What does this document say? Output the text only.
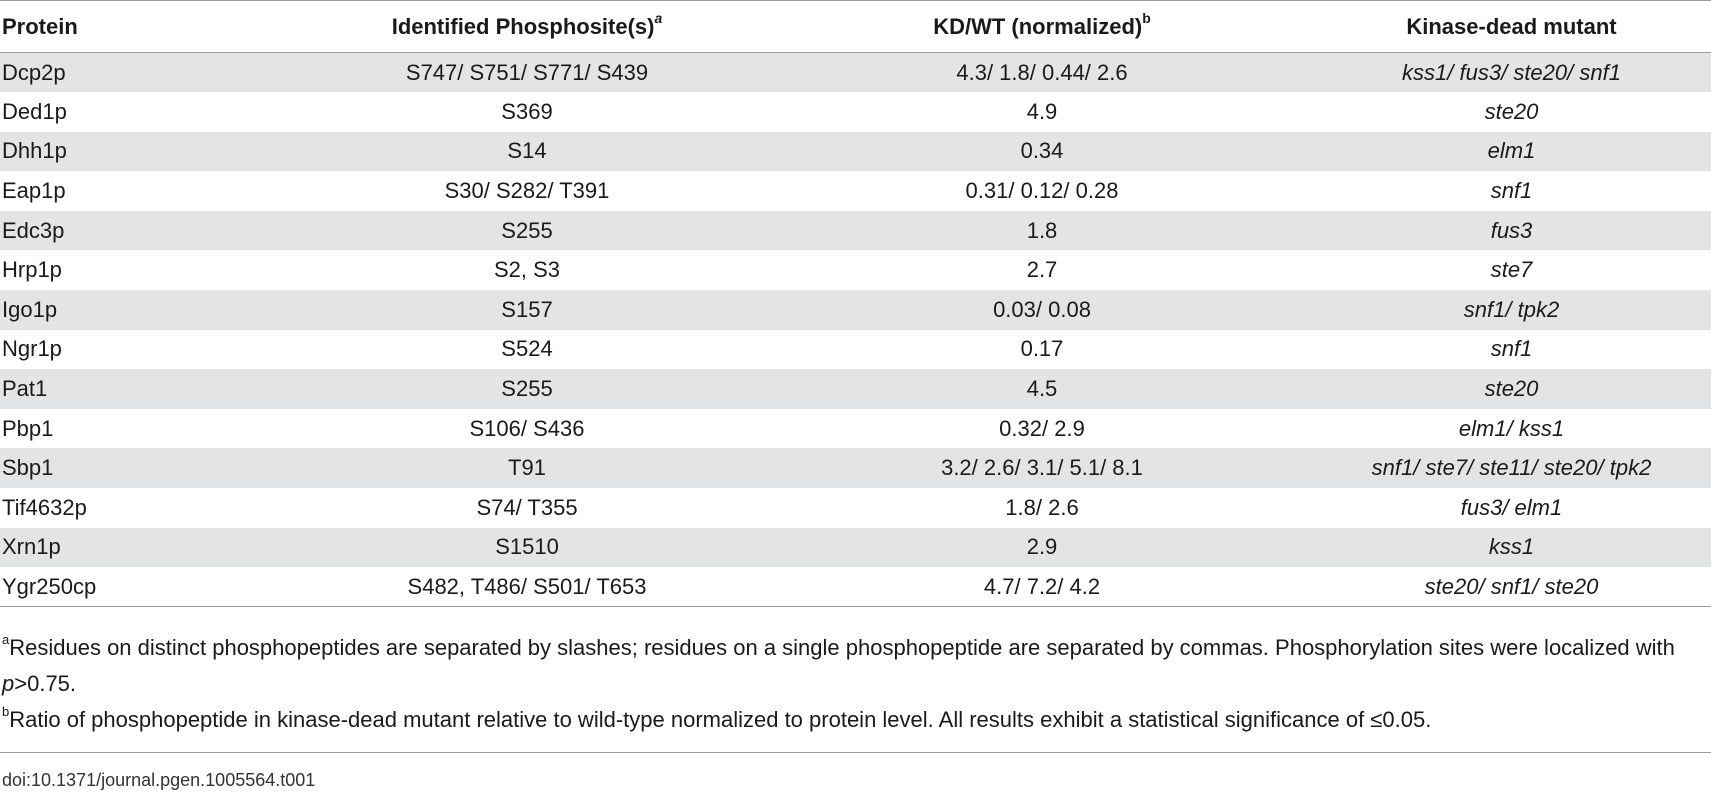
Protein	Identified $Phosphosite(s)^a$	KD/WT (normalized)$^b$	Kinase-dead mutant
Dcp2p	S747/ S751/ S771/ S439	4.3/ 1.8/ 0.44/ 2.6	kss1/ fus3/ ste20/ snf1
Ded1p	S369	4.9	ste20
Dhh1p	S14	0.34	elm1
Eap1p	S30/ S282/ T391	0.31/ 0.12/ 0.28	snf1
Edc3p	S255	1.8	fus3
Hrp1p	S2, S3	2.7	ste7
Igo1p	S157	0.03/ 0.08	snf1/ tpk2
Ngr1p	S524	0.17	snf1
Pat1	S255	4.5	ste20
Pbp1	S106/ S436	0.32/ 2.9	elm1/ kss1
Sbp1	T91	3.2/ 2.6/ 3.1/ 5.1/ 8.1	snf1/ ste7/ ste11/ ste20/ tpk2
Tif4632p	S74/ T355	1.8/ 2.6	fus3/ elm1
Xrn1p	S1510	2.9	kss1
Ygr250cp	S482, T486/ S501/ T653	4.7/ 7.2/ 4.2	ste20/ snf1/ ste20

$^a$Residues on distinct phosphopeptides are separated by slashes; residues on a single phosphopeptide are separated by commas. Phosphorylation sites were localized with p>0.75.

$^b$Ratio of phosphopeptide in kinase-dead mutant relative to wild-type normalized to protein level. All results exhibit a statistical significance of ≤0.05.

doi:10.1371/journal.pgen.1005564.t001
